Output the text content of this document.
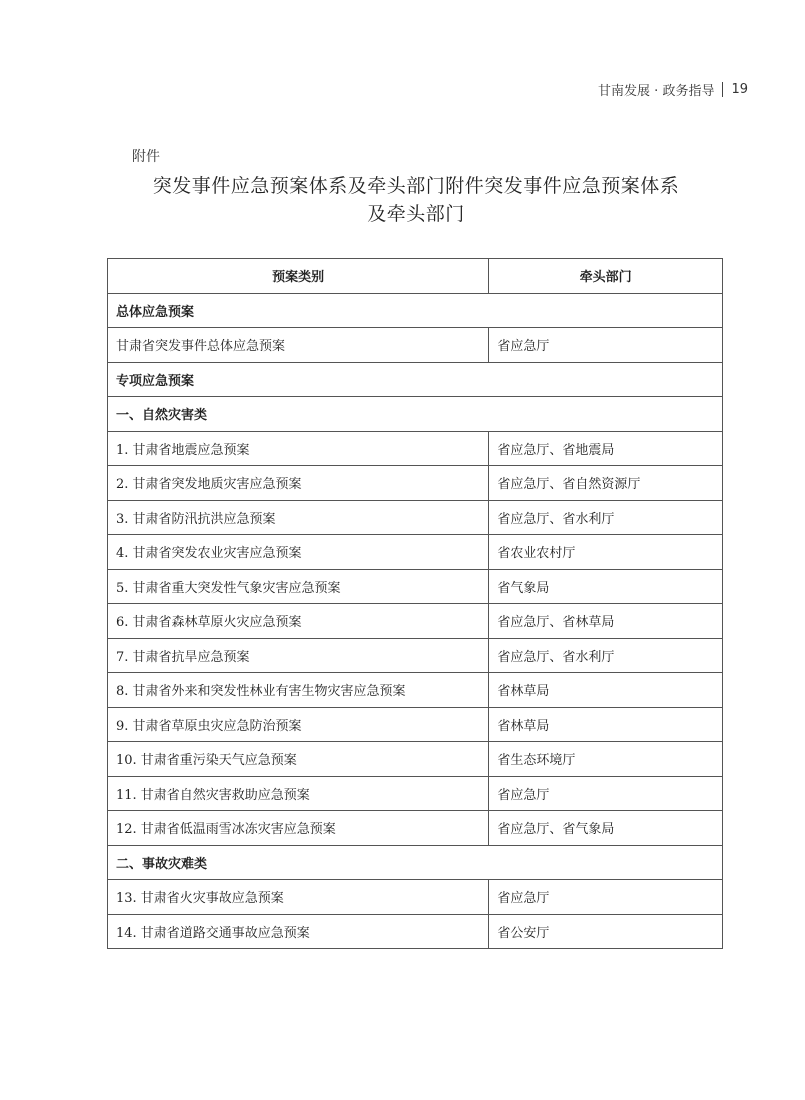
甘南发展 · 政务指导 19
附件
突发事件应急预案体系及牵头部门附件突发事件应急预案体系
及牵头部门
预案类别	牵头部门
总体应急预案	
甘肃省突发事件总体应急预案	省应急厅
专项应急预案	
一、自然灾害类	
1. 甘肃省地震应急预案	省应急厅、省地震局
2. 甘肃省突发地质灾害应急预案	省应急厅、省自然资源厅
3. 甘肃省防汛抗洪应急预案	省应急厅、省水利厅
4. 甘肃省突发农业灾害应急预案	省农业农村厅
5. 甘肃省重大突发性气象灾害应急预案	省气象局
6. 甘肃省森林草原火灾应急预案	省应急厅、省林草局
7. 甘肃省抗旱应急预案	省应急厅、省水利厅
8. 甘肃省外来和突发性林业有害生物灾害应急预案	省林草局
9. 甘肃省草原虫灾应急防治预案	省林草局
10. 甘肃省重污染天气应急预案	省生态环境厅
11. 甘肃省自然灾害救助应急预案	省应急厅
12. 甘肃省低温雨雪冰冻灾害应急预案	省应急厅、省气象局
二、事故灾难类	
13. 甘肃省火灾事故应急预案	省应急厅
14. 甘肃省道路交通事故应急预案	省公安厅
